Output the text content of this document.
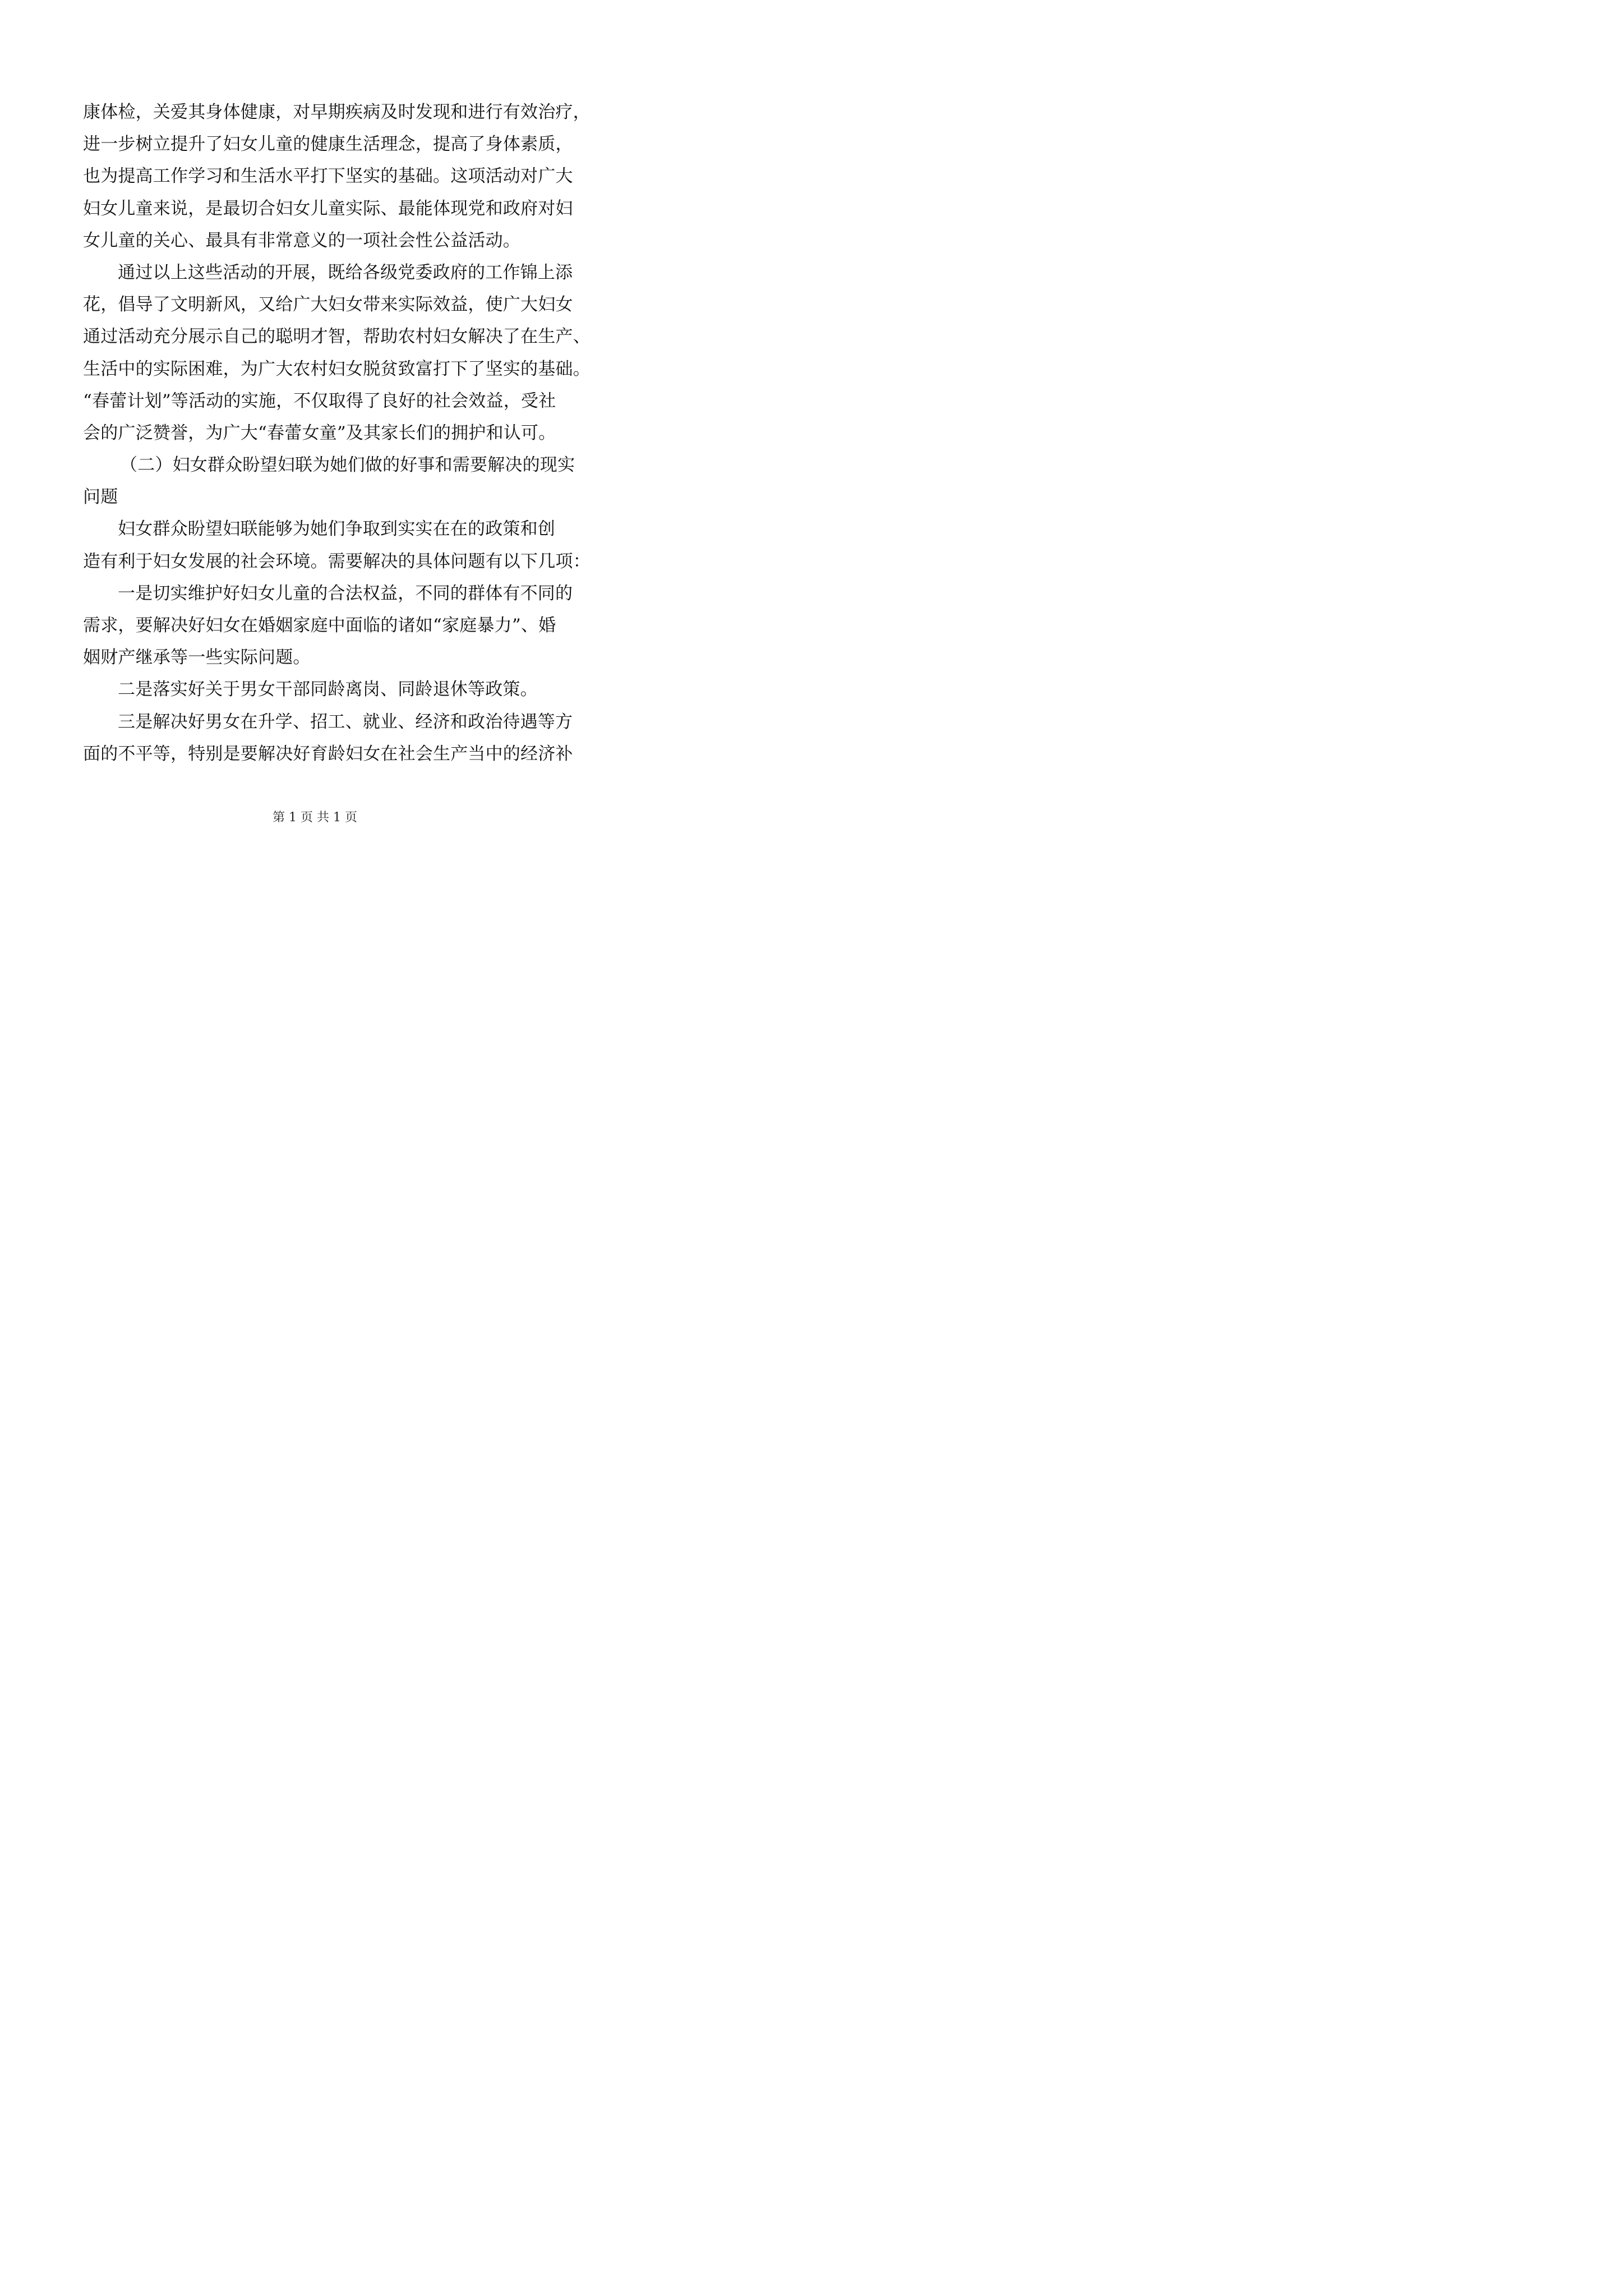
康体检，关爱其身体健康，对早期疾病及时发现和进行有效治疗，
进一步树立提升了妇女儿童的健康生活理念，提高了身体素质，
也为提高工作学习和生活水平打下坚实的基础。这项活动对广大
妇女儿童来说，是最切合妇女儿童实际、最能体现党和政府对妇
女儿童的关心、最具有非常意义的一项社会性公益活动。
通过以上这些活动的开展，既给各级党委政府的工作锦上添
花，倡导了文明新风，又给广大妇女带来实际效益，使广大妇女
通过活动充分展示自己的聪明才智，帮助农村妇女解决了在生产、
生活中的实际困难，为广大农村妇女脱贫致富打下了坚实的基础。
“春蕾计划”等活动的实施，不仅取得了良好的社会效益，受社
会的广泛赞誉，为广大“春蕾女童”及其家长们的拥护和认可。
（二）妇女群众盼望妇联为她们做的好事和需要解决的现实
问题
妇女群众盼望妇联能够为她们争取到实实在在的政策和创
造有利于妇女发展的社会环境。需要解决的具体问题有以下几项：
一是切实维护好妇女儿童的合法权益，不同的群体有不同的
需求，要解决好妇女在婚姻家庭中面临的诸如“家庭暴力”、婚
姻财产继承等一些实际问题。
二是落实好关于男女干部同龄离岗、同龄退休等政策。
三是解决好男女在升学、招工、就业、经济和政治待遇等方
面的不平等，特别是要解决好育龄妇女在社会生产当中的经济补
第 1 页 共 1 页
